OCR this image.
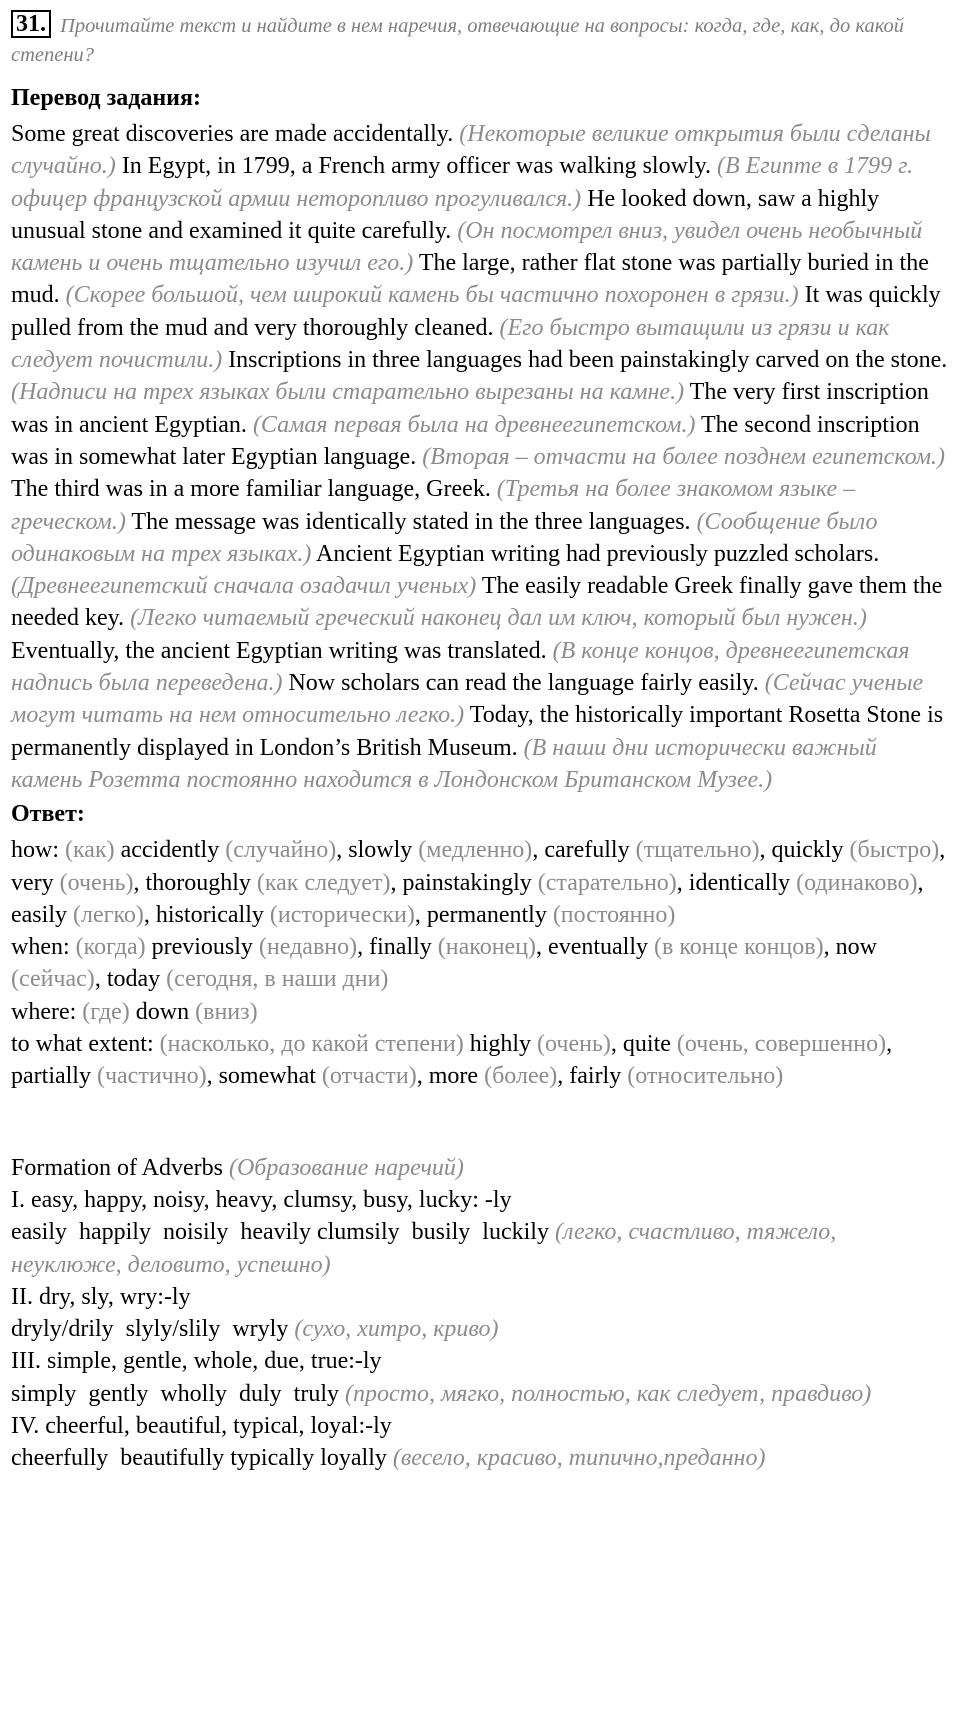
31. Прочитайте текст и найдите в нем наречия, отвечающие на вопросы: когда, где, как, до какой степени?

Перевод задания:

Some great discoveries are made accidentally. (Некоторые великие открытия были сделаны случайно.) In Egypt, in 1799, a French army officer was walking slowly. (В Египте в 1799 г. офицер французской армии неторопливо прогуливался.) He looked down, saw a highly unusual stone and examined it quite carefully. (Он посмотрел вниз, увидел очень необычный камень и очень тщательно изучил его.) The large, rather flat stone was partially buried in the mud. (Скорее большой, чем широкий камень бы частично похоронен в грязи.) It was quickly pulled from the mud and very thoroughly cleaned. (Его быстро вытащили из грязи и как следует почистили.) Inscriptions in three languages had been painstakingly carved on the stone. (Надписи на трех языках были старательно вырезаны на камне.) The very first inscription was in ancient Egyptian. (Самая первая была на древнеегипетском.) The second inscription was in somewhat later Egyptian language. (Вторая – отчасти на более позднем египетском.) The third was in a more familiar language, Greek. (Третья на более знакомом языке – греческом.) The message was identically stated in the three languages. (Сообщение было одинаковым на трех языках.) Ancient Egyptian writing had previously puzzled scholars. (Древнеегипетский сначала озадачил ученых) The easily readable Greek finally gave them the needed key. (Легко читаемый греческий наконец дал им ключ, который был нужен.) Eventually, the ancient Egyptian writing was translated. (В конце концов, древнеегипетская надпись была переведена.) Now scholars can read the language fairly easily. (Сейчас ученые могут читать на нем относительно легко.) Today, the historically important Rosetta Stone is permanently displayed in London’s British Museum. (В наши дни исторически важный камень Розетта постоянно находится в Лондонском Британском Музее.)

Ответ:

how: (как) accidently (случайно), slowly (медленно), carefully (тщательно), quickly (быстро), very (очень), thoroughly (как следует), painstakingly (старательно), identically (одинаково), easily (легко), historically (исторически), permanently (постоянно)

when: (когда) previously (недавно), finally (наконец), eventually (в конце концов), now (сейчас), today (сегодня, в наши дни)

where: (где) down (вниз)

to what extent: (насколько, до какой степени) highly (очень), quite (очень, совершенно), partially (частично), somewhat (отчасти), more (более), fairly (относительно)

Formation of Adverbs (Образование наречий)

I. easy, happy, noisy, heavy, clumsy, busy, lucky: -ly

easily  happily  noisily  heavily clumsily  busily  luckily (легко, счастливо, тяжело, неуклюже, деловито, успешно)

II. dry, sly, wry:-ly

dryly/drily  slyly/slily  wryly (сухо, хитро, криво)

III. simple, gentle, whole, due, true:-ly

simply  gently  wholly  duly  truly (просто, мягко, полностью, как следует, правдиво)

IV. cheerful, beautiful, typical, loyal:-ly

cheerfully  beautifully typically loyally (весело, красиво, типично,преданно)
